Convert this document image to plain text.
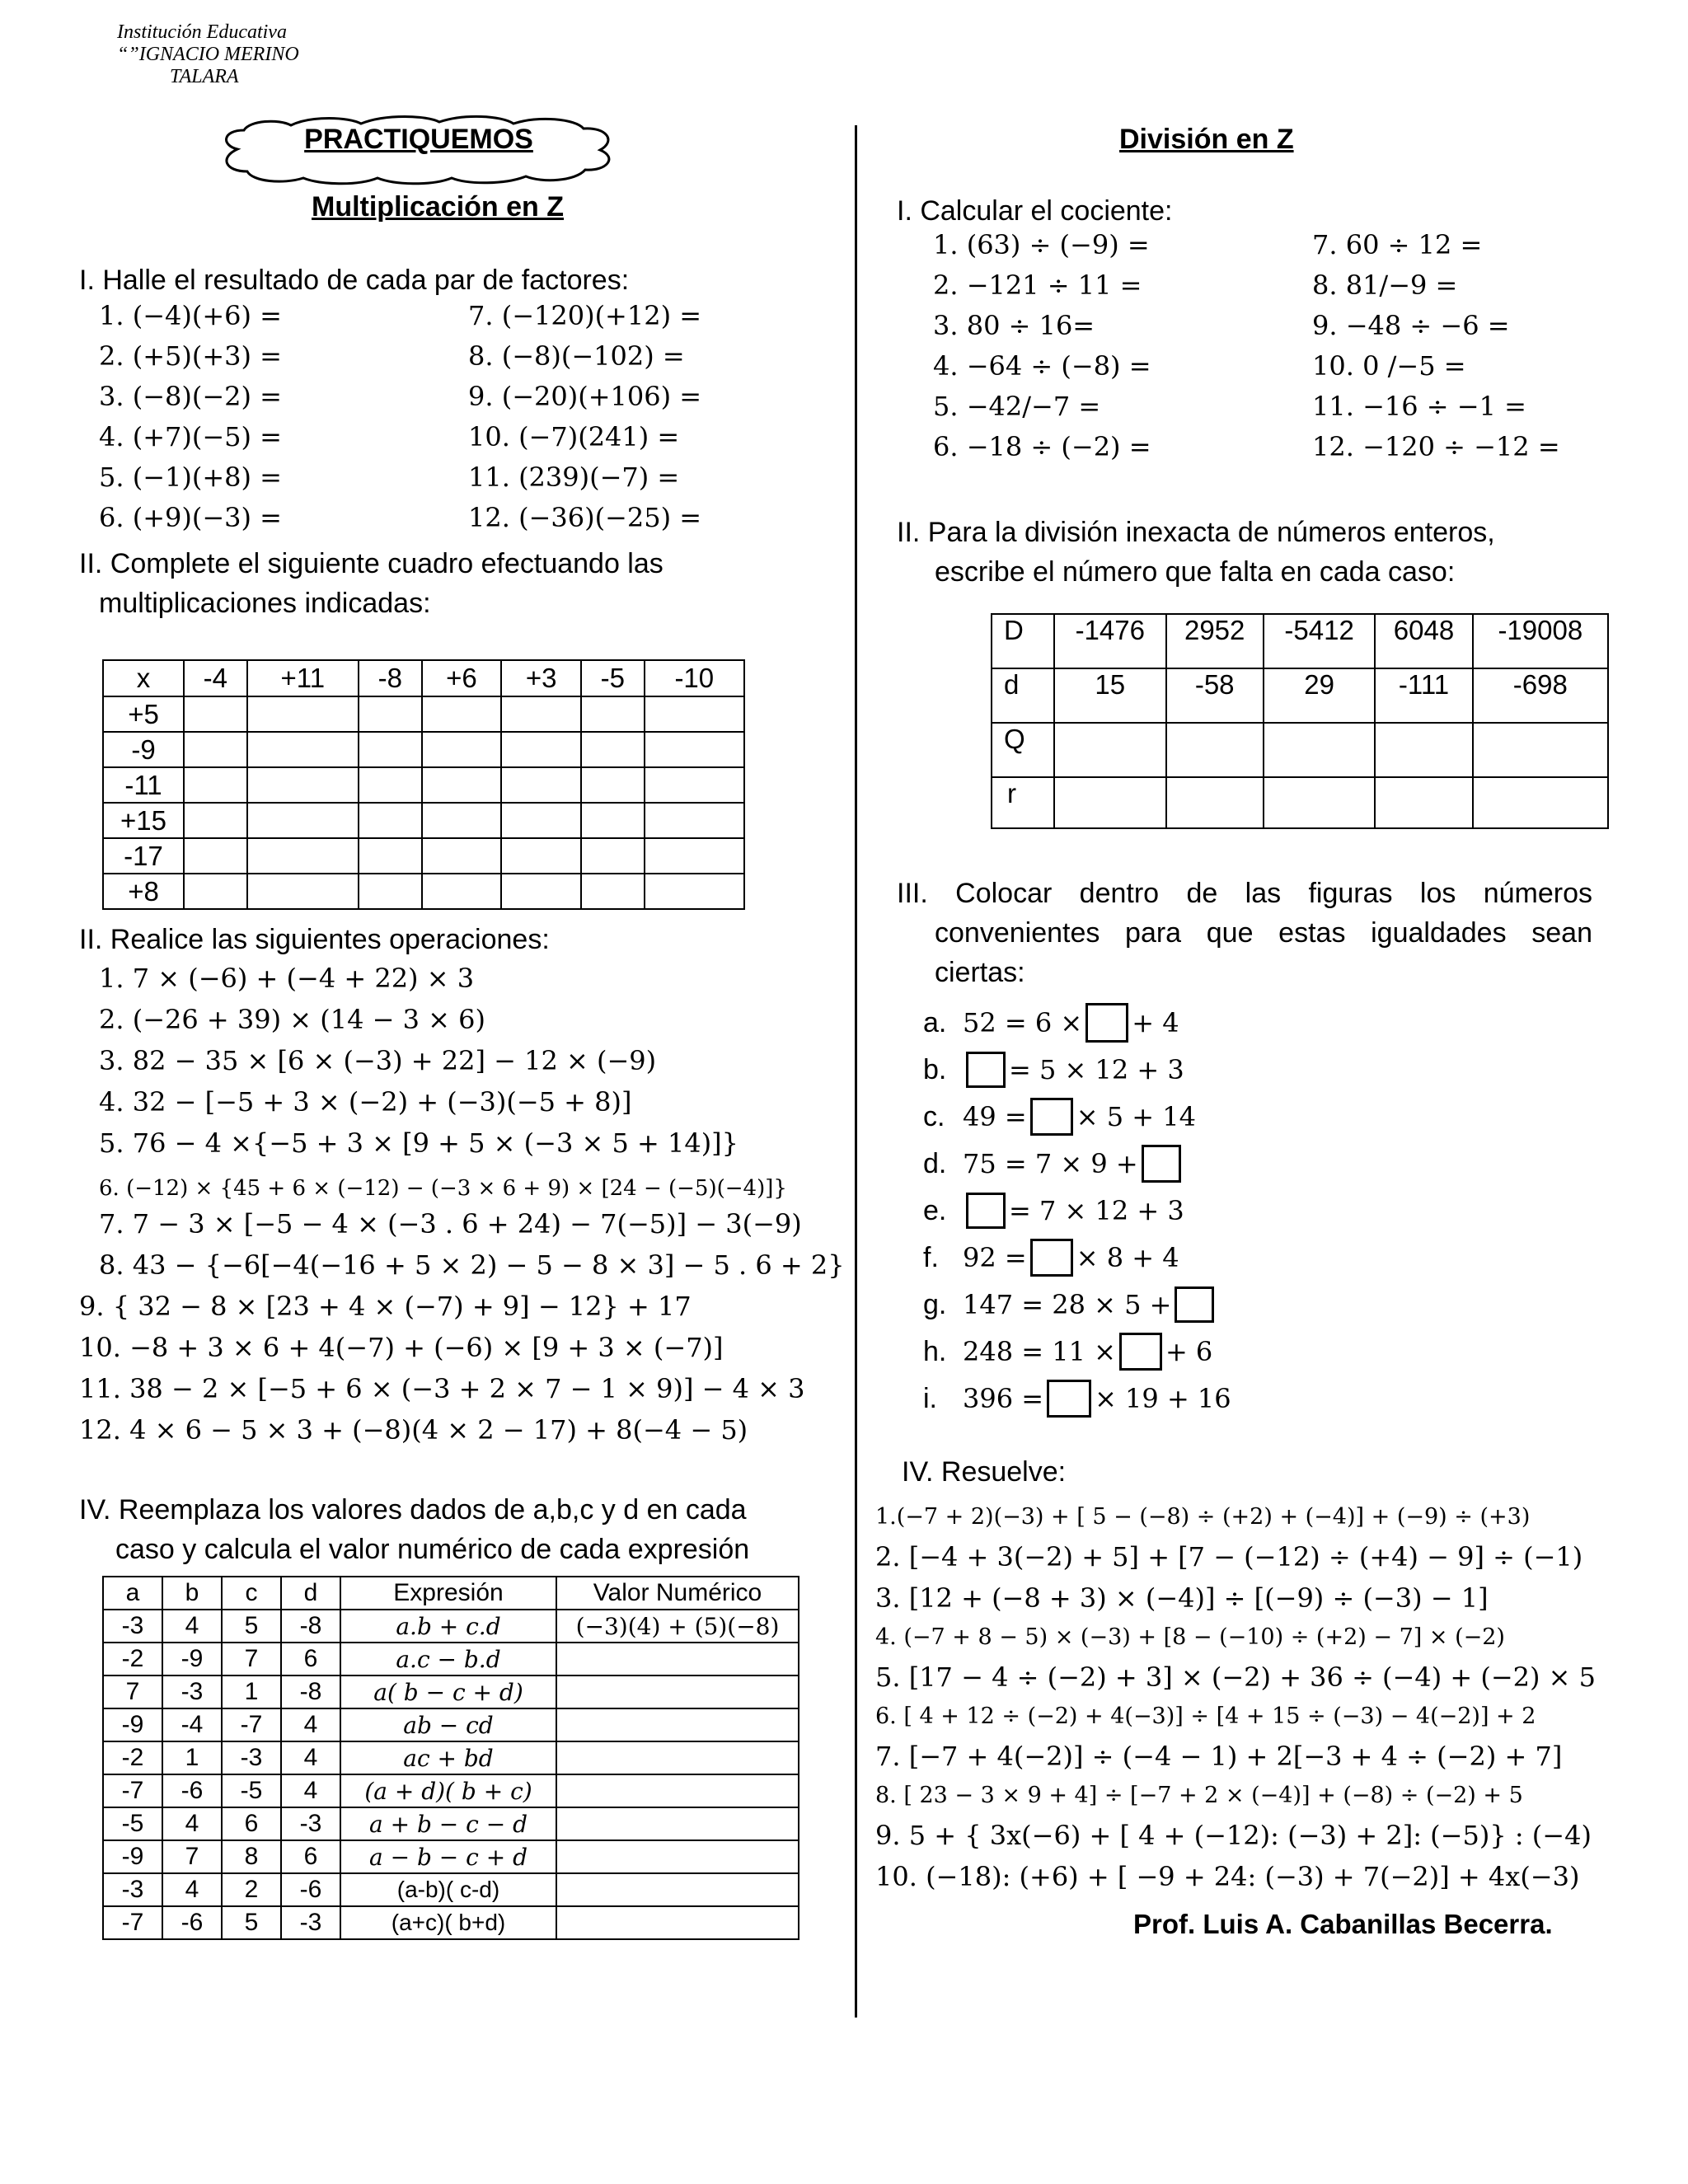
Institución Educativa
“”IGNACIO MERINO
TALARA
PRACTIQUEMOS
Multiplicación en Z
I. Halle el resultado de cada par de factores:
1. (−4)(+6) =
2. (+5)(+3) =
3. (−8)(−2) =
4. (+7)(−5) =
5. (−1)(+8) =
6. (+9)(−3) =
7. (−120)(+12) =
8. (−8)(−102) =
9. (−20)(+106) =
10. (−7)(241) =
11. (239)(−7) =
12. (−36)(−25) =
II. Complete el siguiente cuadro efectuando las
multiplicaciones indicadas:
x	-4	+11	-8	+6	+3	-5	-10
+5							
-9							
-11							
+15							
-17							
+8							
II. Realice las siguientes operaciones:
1. 7 × (−6) + (−4 + 22) × 3
2. (−26 + 39) × (14 − 3 × 6)
3. 82 − 35 × [6 × (−3) + 22] − 12 × (−9)
4. 32 − [−5 + 3 × (−2) + (−3)(−5 + 8)]
5. 76 − 4 ×{−5 + 3 × [9 + 5 × (−3 × 5 + 14)]}
6. (−12) × {45 + 6 × (−12) − (−3 × 6 + 9) × [24 − (−5)(−4)]}
7. 7 − 3 × [−5 − 4 × (−3 . 6 + 24) − 7(−5)] − 3(−9)
8. 43 − {−6[−4(−16 + 5 × 2) − 5 − 8 × 3] − 5 . 6 + 2}
9. { 32 − 8 × [23 + 4 × (−7) + 9] − 12} + 17
10. −8 + 3 × 6 + 4(−7) + (−6) × [9 + 3 × (−7)]
11. 38 − 2 × [−5 + 6 × (−3 + 2 × 7 − 1 × 9)] − 4 × 3
12. 4 × 6 − 5 × 3 + (−8)(4 × 2 − 17) + 8(−4 − 5)
IV. Reemplaza los valores dados de a,b,c y d en cada
caso y calcula el valor numérico de cada expresión
a	b	c	d	Expresión	Valor Numérico
-3	4	5	-8	a.b + c.d	(−3)(4) + (5)(−8)
-2	-9	7	6	a.c − b.d	
7	-3	1	-8	a( b − c + d)	
-9	-4	-7	4	ab − cd	
-2	1	-3	4	ac + bd	
-7	-6	-5	4	(a + d)( b + c)	
-5	4	6	-3	a + b − c − d	
-9	7	8	6	a − b − c + d	
-3	4	2	-6	(a-b)( c-d)	
-7	-6	5	-3	(a+c)( b+d)	
División en Z
I. Calcular el cociente:
1. (63) ÷ (−9) =
2. −121 ÷ 11 =
3. 80 ÷ 16=
4. −64 ÷ (−8) =
5. −42/−7 =
6. −18 ÷ (−2) =
7. 60 ÷ 12 =
8. 81/−9 =
9. −48 ÷ −6 =
10. 0 /−5 =
11. −16 ÷ −1 =
12. −120 ÷ −12 =
II. Para la división inexacta de números enteros,
escribe el número que falta en cada caso:
D	-1476	2952	-5412	6048	-19008
d	15	-58	29	-111	-698
Q					
r					
III. Colocar dentro de las figuras los números
convenientes para que estas igualdades sean
ciertas:
a. 52 = 6 × + 4
b.	= 5 × 12 + 3
c. 49 = × 5 + 14
d. 75 = 7 × 9 +
e.	= 7 × 12 + 3
f. 92 = × 8 + 4
g. 147 = 28 × 5 +
h. 248 = 11 × + 6
i. 396 = × 19 + 16
IV. Resuelve:
1.(−7 + 2)(−3) + [ 5 − (−8) ÷ (+2) + (−4)] + (−9) ÷ (+3)
2. [−4 + 3(−2) + 5] + [7 − (−12) ÷ (+4) − 9] ÷ (−1)
3. [12 + (−8 + 3) × (−4)] ÷ [(−9) ÷ (−3) − 1]
4. (−7 + 8 − 5) × (−3) + [8 − (−10) ÷ (+2) − 7] × (−2)
5. [17 − 4 ÷ (−2) + 3] × (−2) + 36 ÷ (−4) + (−2) × 5
6. [ 4 + 12 ÷ (−2) + 4(−3)] ÷ [4 + 15 ÷ (−3) − 4(−2)] + 2
7. [−7 + 4(−2)] ÷ (−4 − 1) + 2[−3 + 4 ÷ (−2) + 7]
8. [ 23 − 3 × 9 + 4] ÷ [−7 + 2 × (−4)] + (−8) ÷ (−2) + 5
9. 5 + { 3x(−6) + [ 4 + (−12): (−3) + 2]: (−5)} : (−4)
10. (−18): (+6) + [ −9 + 24: (−3) + 7(−2)] + 4x(−3)
Prof. Luis A. Cabanillas Becerra.
